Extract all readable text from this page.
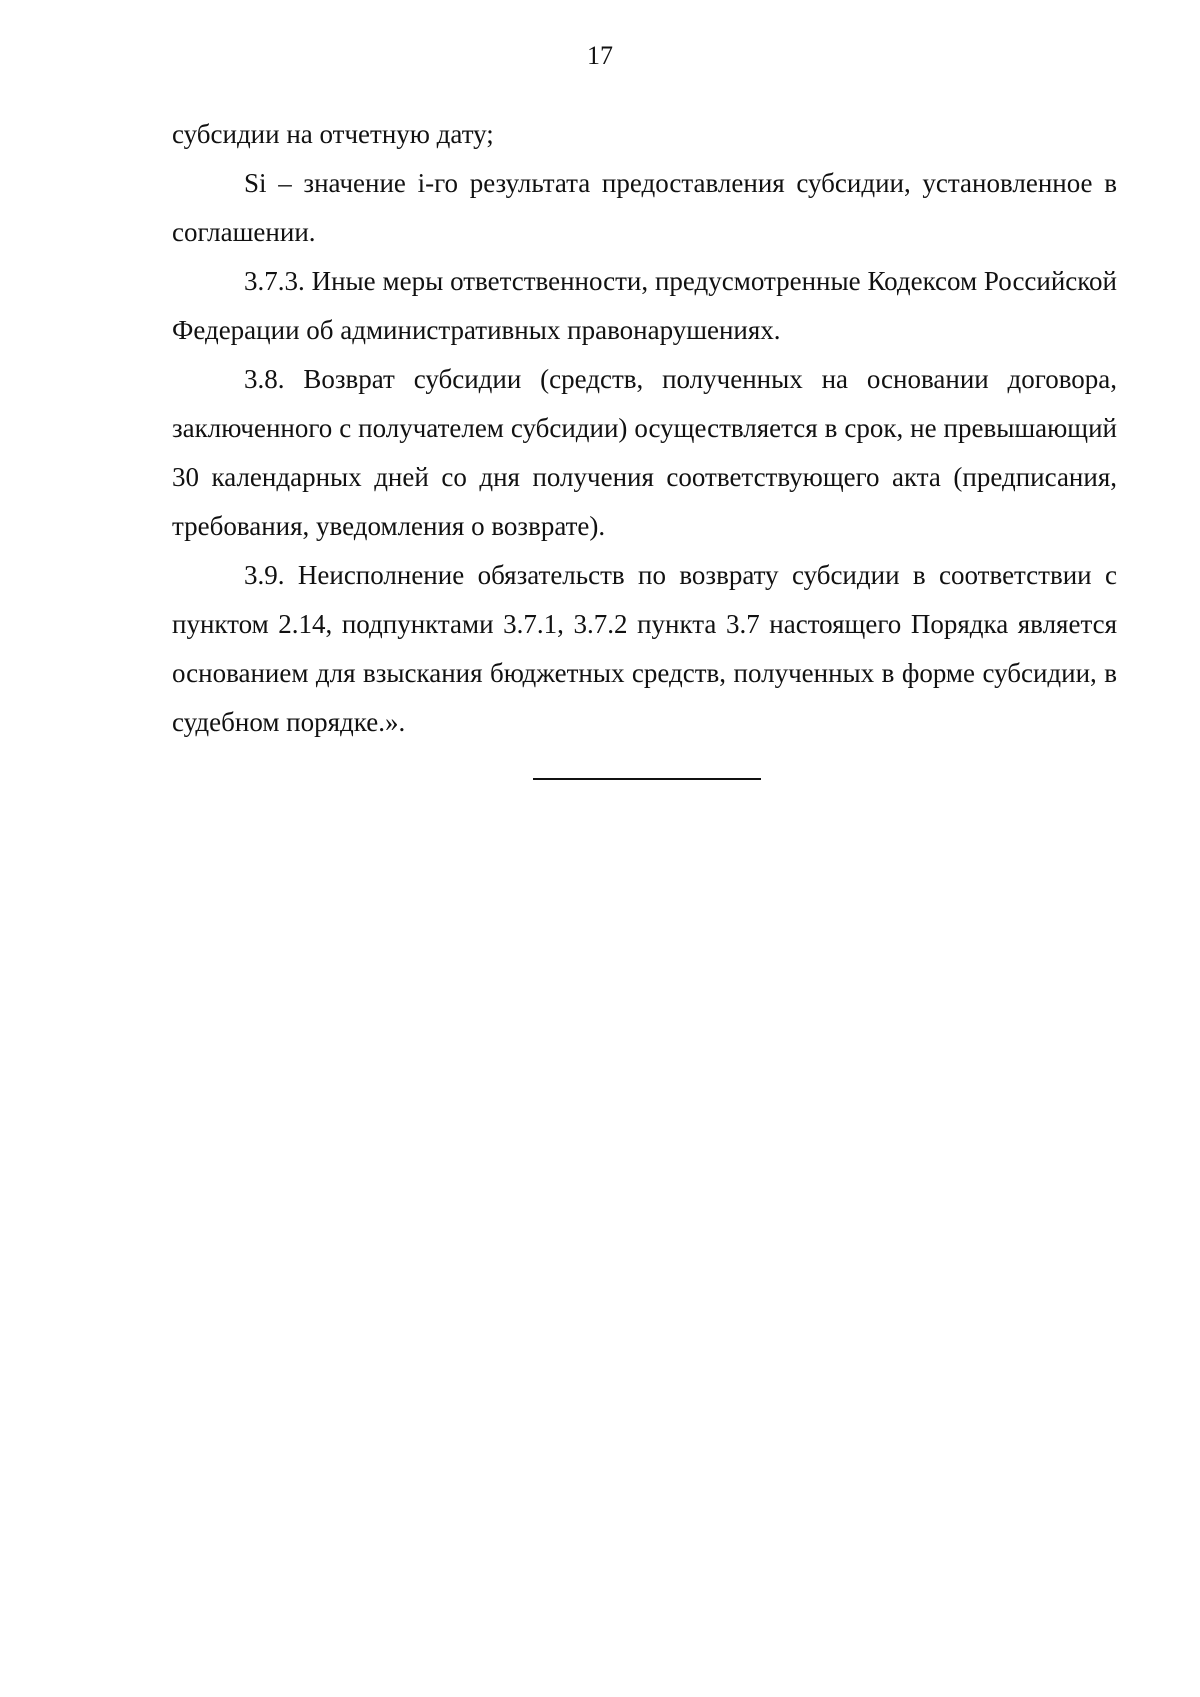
17

субсидии на отчетную дату;

Si – значение i-го результата предоставления субсидии, установленное в соглашении.

3.7.3. Иные меры ответственности, предусмотренные Кодексом Российской Федерации об административных правонарушениях.

3.8. Возврат субсидии (средств, полученных на основании договора, заключенного с получателем субсидии) осуществляется в срок, не превышающий 30 календарных дней со дня получения соответствующего акта (предписания, требования, уведомления о возврате).

3.9. Неисполнение обязательств по возврату субсидии в соответствии с пунктом 2.14, подпунктами 3.7.1, 3.7.2 пункта 3.7 настоящего Порядка является основанием для взыскания бюджетных средств, полученных в форме субсидии, в судебном порядке.».
